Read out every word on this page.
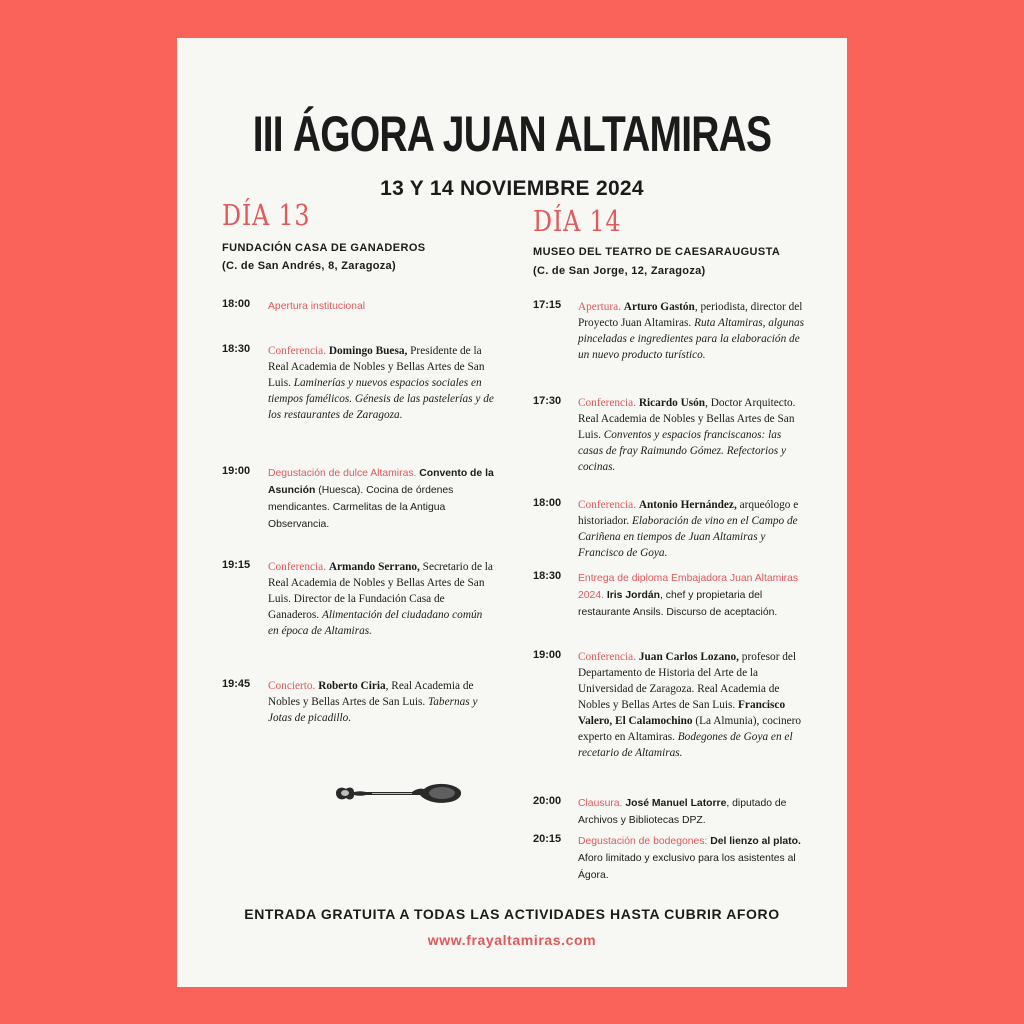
III ÁGORA JUAN ALTAMIRAS
13 Y 14 NOVIEMBRE 2024
DÍA 13
FUNDACIÓN CASA DE GANADEROS
(C. de San Andrés, 8, Zaragoza)
18:00 Apertura institucional
18:30 Conferencia. Domingo Buesa, Presidente de la Real Academia de Nobles y Bellas Artes de San Luis. Laminerías y nuevos espacios sociales en tiempos famélicos. Génesis de las pastelerías y de los restaurantes de Zaragoza.
19:00 Degustación de dulce Altamiras. Convento de la Asunción (Huesca). Cocina de órdenes mendicantes. Carmelitas de la Antigua Observancia.
19:15 Conferencia. Armando Serrano, Secretario de la Real Academia de Nobles y Bellas Artes de San Luis. Director de la Fundación Casa de Ganaderos. Alimentación del ciudadano común en época de Altamiras.
19:45 Concierto. Roberto Ciria, Real Academia de Nobles y Bellas Artes de San Luis. Tabernas y Jotas de picadillo.
DÍA 14
MUSEO DEL TEATRO DE CAESARAUGUSTA
(C. de San Jorge, 12, Zaragoza)
17:15 Apertura. Arturo Gastón, periodista, director del Proyecto Juan Altamiras. Ruta Altamiras, algunas pinceladas e ingredientes para la elaboración de un nuevo producto turístico.
17:30 Conferencia. Ricardo Usón, Doctor Arquitecto. Real Academia de Nobles y Bellas Artes de San Luis. Conventos y espacios franciscanos: las casas de fray Raimundo Gómez. Refectorios y cocinas.
18:00 Conferencia. Antonio Hernández, arqueólogo e historiador. Elaboración de vino en el Campo de Cariñena en tiempos de Juan Altamiras y Francisco de Goya.
18:30 Entrega de diploma Embajadora Juan Altamiras 2024. Iris Jordán, chef y propietaria del restaurante Ansils. Discurso de aceptación.
19:00 Conferencia. Juan Carlos Lozano, profesor del Departamento de Historia del Arte de la Universidad de Zaragoza. Real Academia de Nobles y Bellas Artes de San Luis. Francisco Valero, El Calamochino (La Almunia), cocinero experto en Altamiras. Bodegones de Goya en el recetario de Altamiras.
20:00 Clausura. José Manuel Latorre, diputado de Archivos y Bibliotecas DPZ.
20:15 Degustación de bodegones: Del lienzo al plato. Aforo limitado y exclusivo para los asistentes al Ágora.
ENTRADA GRATUITA A TODAS LAS ACTIVIDADES HASTA CUBRIR AFORO
www.frayaltamiras.com
